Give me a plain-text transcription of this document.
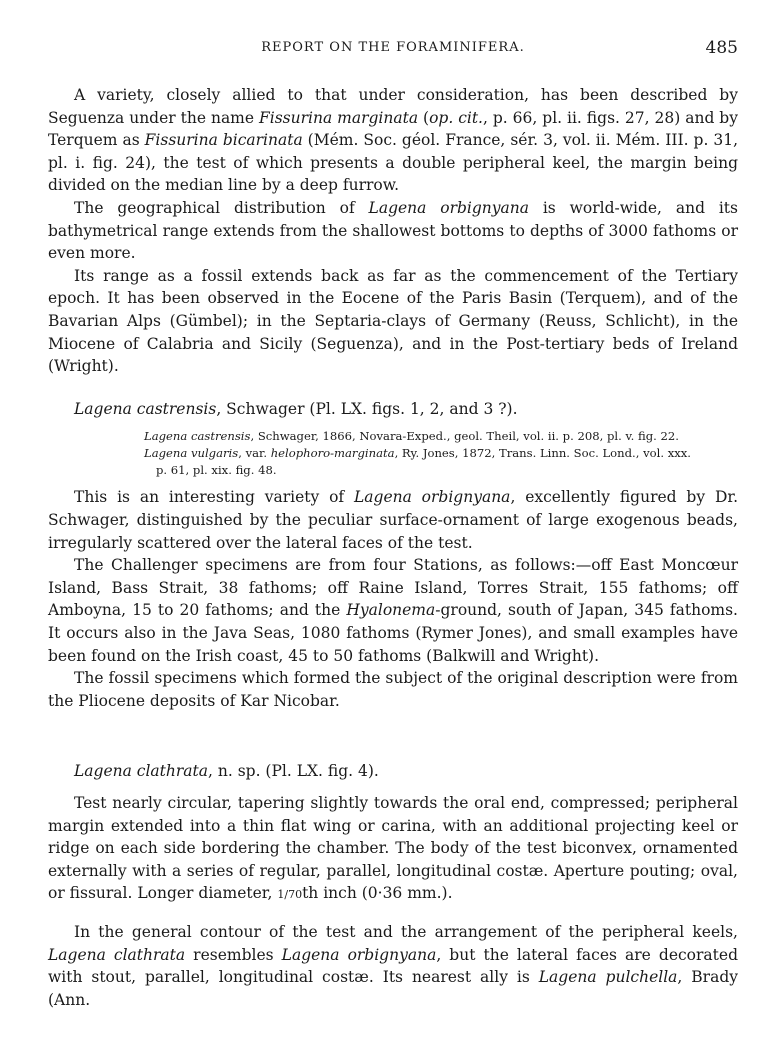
REPORT ON THE FORAMINIFERA.	485

A variety, closely allied to that under consideration, has been described by Seguenza under the name Fissurina marginata (op. cit., p. 66, pl. ii. figs. 27, 28) and by Terquem as Fissurina bicarinata (Mém. Soc. géol. France, sér. 3, vol. ii. Mém. III. p. 31, pl. i. fig. 24), the test of which presents a double peripheral keel, the margin being divided on the median line by a deep furrow.

The geographical distribution of Lagena orbignyana is world-wide, and its bathymetrical range extends from the shallowest bottoms to depths of 3000 fathoms or even more.

Its range as a fossil extends back as far as the commencement of the Tertiary epoch. It has been observed in the Eocene of the Paris Basin (Terquem), and of the Bavarian Alps (Gümbel); in the Septaria-clays of Germany (Reuss, Schlicht), in the Miocene of Calabria and Sicily (Seguenza), and in the Post-tertiary beds of Ireland (Wright).

Lagena castrensis, Schwager (Pl. LX. figs. 1, 2, and 3 ?).

Lagena castrensis, Schwager, 1866, Novara-Exped., geol. Theil, vol. ii. p. 208, pl. v. fig. 22.
Lagena vulgaris, var. helophoro-marginata, Ry. Jones, 1872, Trans. Linn. Soc. Lond., vol. xxx.
p. 61, pl. xix. fig. 48.

This is an interesting variety of Lagena orbignyana, excellently figured by Dr. Schwager, distinguished by the peculiar surface-ornament of large exogenous beads, irregularly scattered over the lateral faces of the test.

The Challenger specimens are from four Stations, as follows:—off East Moncœur Island, Bass Strait, 38 fathoms; off Raine Island, Torres Strait, 155 fathoms; off Amboyna, 15 to 20 fathoms; and the Hyalonema-ground, south of Japan, 345 fathoms. It occurs also in the Java Seas, 1080 fathoms (Rymer Jones), and small examples have been found on the Irish coast, 45 to 50 fathoms (Balkwill and Wright).

The fossil specimens which formed the subject of the original description were from the Pliocene deposits of Kar Nicobar.

Lagena clathrata, n. sp. (Pl. LX. fig. 4).

Test nearly circular, tapering slightly towards the oral end, compressed; peripheral margin extended into a thin flat wing or carina, with an additional projecting keel or ridge on each side bordering the chamber. The body of the test biconvex, ornamented externally with a series of regular, parallel, longitudinal costæ. Aperture pouting; oval, or fissural. Longer diameter, 1/70th inch (0·36 mm.).

In the general contour of the test and the arrangement of the peripheral keels, Lagena clathrata resembles Lagena orbignyana, but the lateral faces are decorated with stout, parallel, longitudinal costæ. Its nearest ally is Lagena pulchella, Brady (Ann.
